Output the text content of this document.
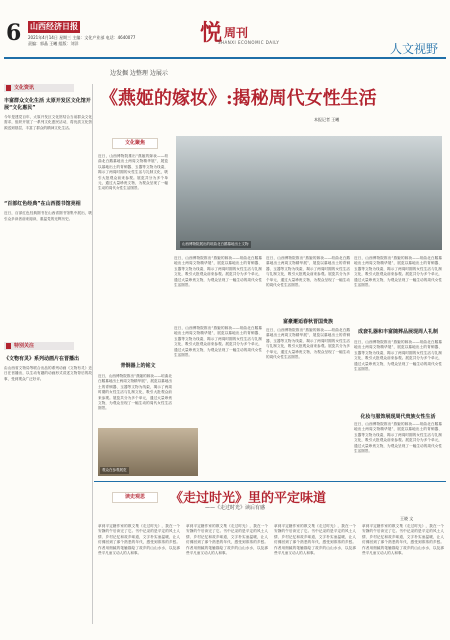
6 山西经济日报
2021年4月14日 星期三 主编：文化产业部 电话：4640077 责编：郭晶 王曦 组版：刘洋	悦 周刊
SHANXI ECONOMIC DAILY	人文视野
文化资讯
丰富群众文化生活 太原开发区文化馆开展“文化惠民”
今年是建党百年，太原开发区文化馆结合当前群众文化需求，组织开展了一系列文化惠民活动，将优质文化资源送到基层，丰富了群众的精神文化生活。
“百部红色经典”在山西图书馆亮相
近日，百部红色经典图书在山西省图书馆集中展出，吸引众多读者前来阅读，重温党的光辉历史。
特别关注
《文物有灵》系列动画片在晋播出
由山西省文物局等联合出品的系列动画《文物有灵》近日在晋播出，以生动有趣的动画形式讲述文物背后的故事，受到观众广泛好评。
边发掘 边整理 边展示
《燕姬的嫁妆》:揭秘周代女性生活
本报记者 王曦
文化聚焦
近日，山西博物院推出“燕姬的嫁妆——垣曲北白鹅墓地出土两周文物精华展”，展览以墓地出土的青铜器、玉器等文物为线索，揭示了两周时期的女性生活与礼制文化，吸引大批观众前来参观。展览共分为多个单元，通过大量珍贵文物，为观众呈现了一幅生动的周代女性生活图景。
山西博物院展出的垣曲北白鹅墓地出土文物
近日，山西博物院推出“燕姬的嫁妆——垣曲北白鹅墓地出土两周文物精华展”，展览以墓地出土的青铜器、玉器等文物为线索，揭示了两周时期的女性生活与礼制文化，吸引大批观众前来参观。展览共分为多个单元，通过大量珍贵文物，为观众呈现了一幅生动的周代女性生活图景。
近日，山西博物院推出“燕姬的嫁妆——垣曲北白鹅墓地出土两周文物精华展”，展览以墓地出土的青铜器、玉器等文物为线索，揭示了两周时期的女性生活与礼制文化，吸引大批观众前来参观。展览共分为多个单元，通过大量珍贵文物，为观众呈现了一幅生动的周代女性生活图景。
近日，山西博物院推出“燕姬的嫁妆——垣曲北白鹅墓地出土两周文物精华展”，展览以墓地出土的青铜器、玉器等文物为线索，揭示了两周时期的女性生活与礼制文化，吸引大批观众前来参观。展览共分为多个单元，通过大量珍贵文物，为观众呈现了一幅生动的周代女性生活图景。
富豪邂逅春秋晋国贵族
青铜器上的铭文
成套礼器和丰富随葬品展现周人礼制
化妆与服饰展现周代贵族女性生活
近日，山西博物院推出“燕姬的嫁妆——垣曲北白鹅墓地出土两周文物精华展”，展览以墓地出土的青铜器、玉器等文物为线索，揭示了两周时期的女性生活与礼制文化，吸引大批观众前来参观。展览共分为多个单元，通过大量珍贵文物，为观众呈现了一幅生动的周代女性生活图景。
近日，山西博物院推出“燕姬的嫁妆——垣曲北白鹅墓地出土两周文物精华展”，展览以墓地出土的青铜器、玉器等文物为线索，揭示了两周时期的女性生活与礼制文化，吸引大批观众前来参观。展览共分为多个单元，通过大量珍贵文物，为观众呈现了一幅生动的周代女性生活图景。
近日，山西博物院推出“燕姬的嫁妆——垣曲北白鹅墓地出土两周文物精华展”，展览以墓地出土的青铜器、玉器等文物为线索，揭示了两周时期的女性生活与礼制文化，吸引大批观众前来参观。展览共分为多个单元，通过大量珍贵文物，为观众呈现了一幅生动的周代女性生活图景。
近日，山西博物院推出“燕姬的嫁妆——垣曲北白鹅墓地出土两周文物精华展”，展览以墓地出土的青铜器、玉器等文物为线索，揭示了两周时期的女性生活与礼制文化，吸引大批观众前来参观。展览共分为多个单元，通过大量珍贵文物，为观众呈现了一幅生动的周代女性生活图景。
近日，山西博物院推出“燕姬的嫁妆——垣曲北白鹅墓地出土两周文物精华展”，展览以墓地出土的青铜器、玉器等文物为线索，揭示了两周时期的女性生活与礼制文化，吸引大批观众前来参观。展览共分为多个单元，通过大量珍贵文物，为观众呈现了一幅生动的周代女性生活图景。
观众在参观展览
读史观思	《走过时光》里的平定味道
——《走过时光》读后有感
王晓 文
拿到平定籍作家的散文集《走过时光》，我在一个安静的午后读完了它。书中记录的是平定的风土人情、乡村记忆和故乡味道，文字朴实而温暖，让人仿佛回到了那个熟悉的年代，感受到浓浓的乡愁。作者用细腻的笔触描绘了故乡的山山水水，以及那些平凡而又动人的人和事。
拿到平定籍作家的散文集《走过时光》，我在一个安静的午后读完了它。书中记录的是平定的风土人情、乡村记忆和故乡味道，文字朴实而温暖，让人仿佛回到了那个熟悉的年代，感受到浓浓的乡愁。作者用细腻的笔触描绘了故乡的山山水水，以及那些平凡而又动人的人和事。
拿到平定籍作家的散文集《走过时光》，我在一个安静的午后读完了它。书中记录的是平定的风土人情、乡村记忆和故乡味道，文字朴实而温暖，让人仿佛回到了那个熟悉的年代，感受到浓浓的乡愁。作者用细腻的笔触描绘了故乡的山山水水，以及那些平凡而又动人的人和事。
拿到平定籍作家的散文集《走过时光》，我在一个安静的午后读完了它。书中记录的是平定的风土人情、乡村记忆和故乡味道，文字朴实而温暖，让人仿佛回到了那个熟悉的年代，感受到浓浓的乡愁。作者用细腻的笔触描绘了故乡的山山水水，以及那些平凡而又动人的人和事。
